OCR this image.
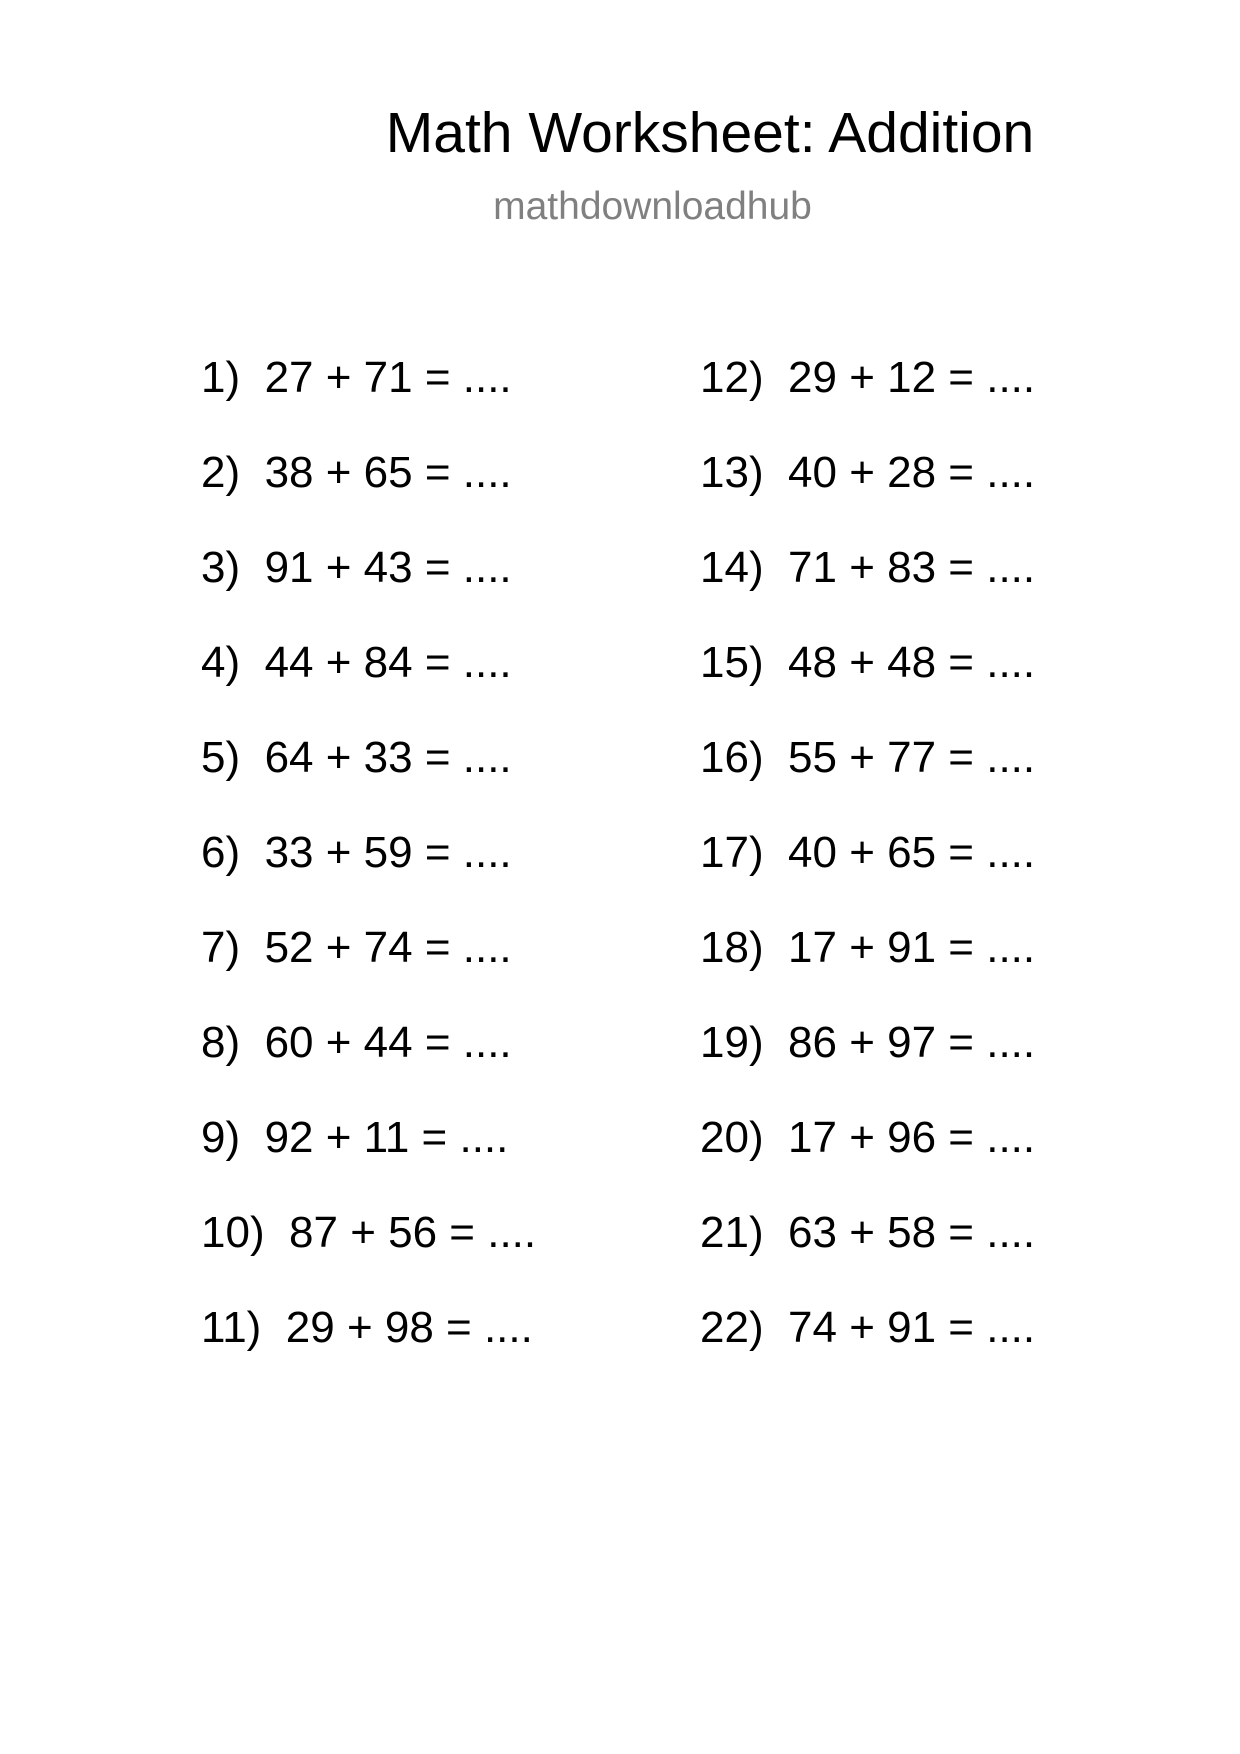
Math Worksheet: Addition
mathdownloadhub
1)  27 + 71 = ....
2)  38 + 65 = ....
3)  91 + 43 = ....
4)  44 + 84 = ....
5)  64 + 33 = ....
6)  33 + 59 = ....
7)  52 + 74 = ....
8)  60 + 44 = ....
9)  92 + 11 = ....
10)  87 + 56 = ....
11)  29 + 98 = ....
12)  29 + 12 = ....
13)  40 + 28 = ....
14)  71 + 83 = ....
15)  48 + 48 = ....
16)  55 + 77 = ....
17)  40 + 65 = ....
18)  17 + 91 = ....
19)  86 + 97 = ....
20)  17 + 96 = ....
21)  63 + 58 = ....
22)  74 + 91 = ....
